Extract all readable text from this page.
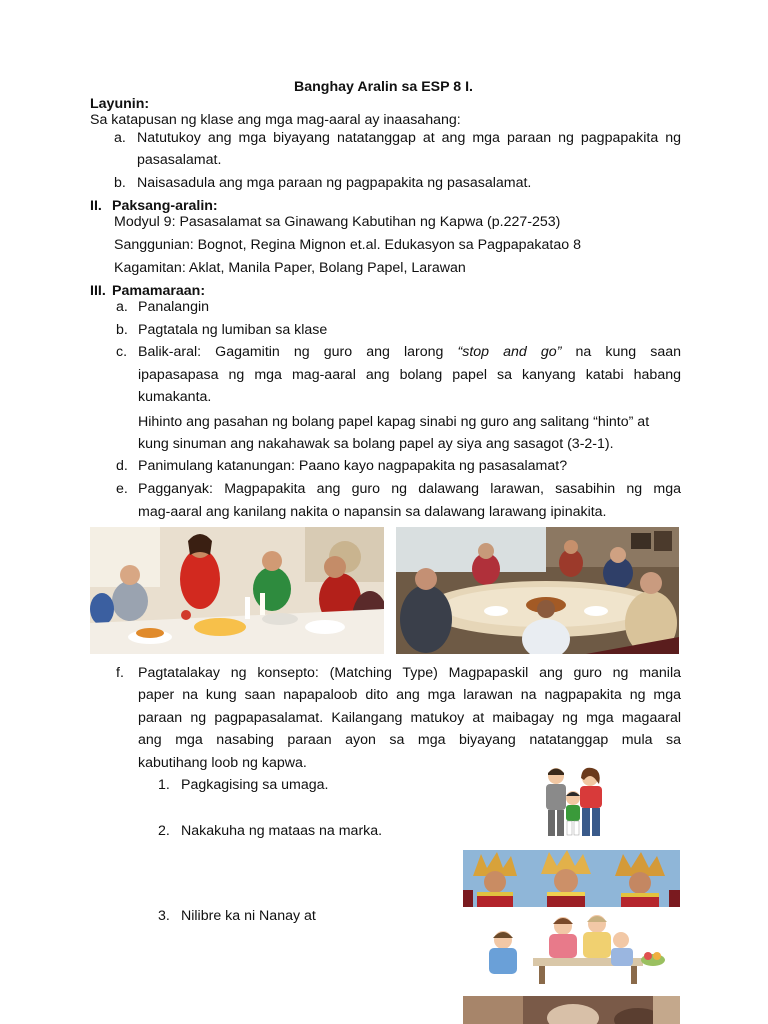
Banghay Aralin sa ESP 8 I.
Layunin:
Sa katapusan ng klase ang mga mag-aaral ay inaasahang:
a. Natutukoy ang mga biyayang natatanggap at ang mga paraan ng pagpapakita ng
pasasalamat.
b. Naisasadula ang mga paraan ng pagpapakita ng pasasalamat.
II. Paksang-aralin:
Modyul 9: Pasasalamat sa Ginawang Kabutihan ng Kapwa (p.227-253)
Sanggunian: Bognot, Regina Mignon et.al. Edukasyon sa Pagpapakatao 8
Kagamitan: Aklat, Manila Paper, Bolang Papel, Larawan
III. Pamamaraan:
a. Panalangin
b. Pagtatala ng lumiban sa klase
c. Balik-aral: Gagamitin ng guro ang larong “stop and go” na kung saan
ipapasapasa ng mga mag-aaral ang bolang papel sa kanyang katabi habang
kumakanta.
Hihinto ang pasahan ng bolang papel kapag sinabi ng guro ang salitang “hinto” at
kung sinuman ang nakahawak sa bolang papel ay siya ang sasagot (3-2-1).
d. Panimulang katanungan: Paano kayo nagpapakita ng pasasalamat?
e. Pagganyak: Magpapakita ang guro ng dalawang larawan, sasabihin ng mga
mag-aaral ang kanilang nakita o napansin sa dalawang larawang ipinakita.
f. Pagtatalakay ng konsepto: (Matching Type) Magpapaskil ang guro ng manila
paper na kung saan napapaloob dito ang mga larawan na nagpapakita ng mga
paraan ng pagpapasalamat. Kailangang matukoy at maibagay ng mga magaaral
ang mga nasabing paraan ayon sa mga biyayang natatanggap mula sa
kabutihang loob ng kapwa.
1. Pagkagising sa umaga.
2. Nakakuha ng mataas na marka.
3. Nilibre ka ni Nanay at
